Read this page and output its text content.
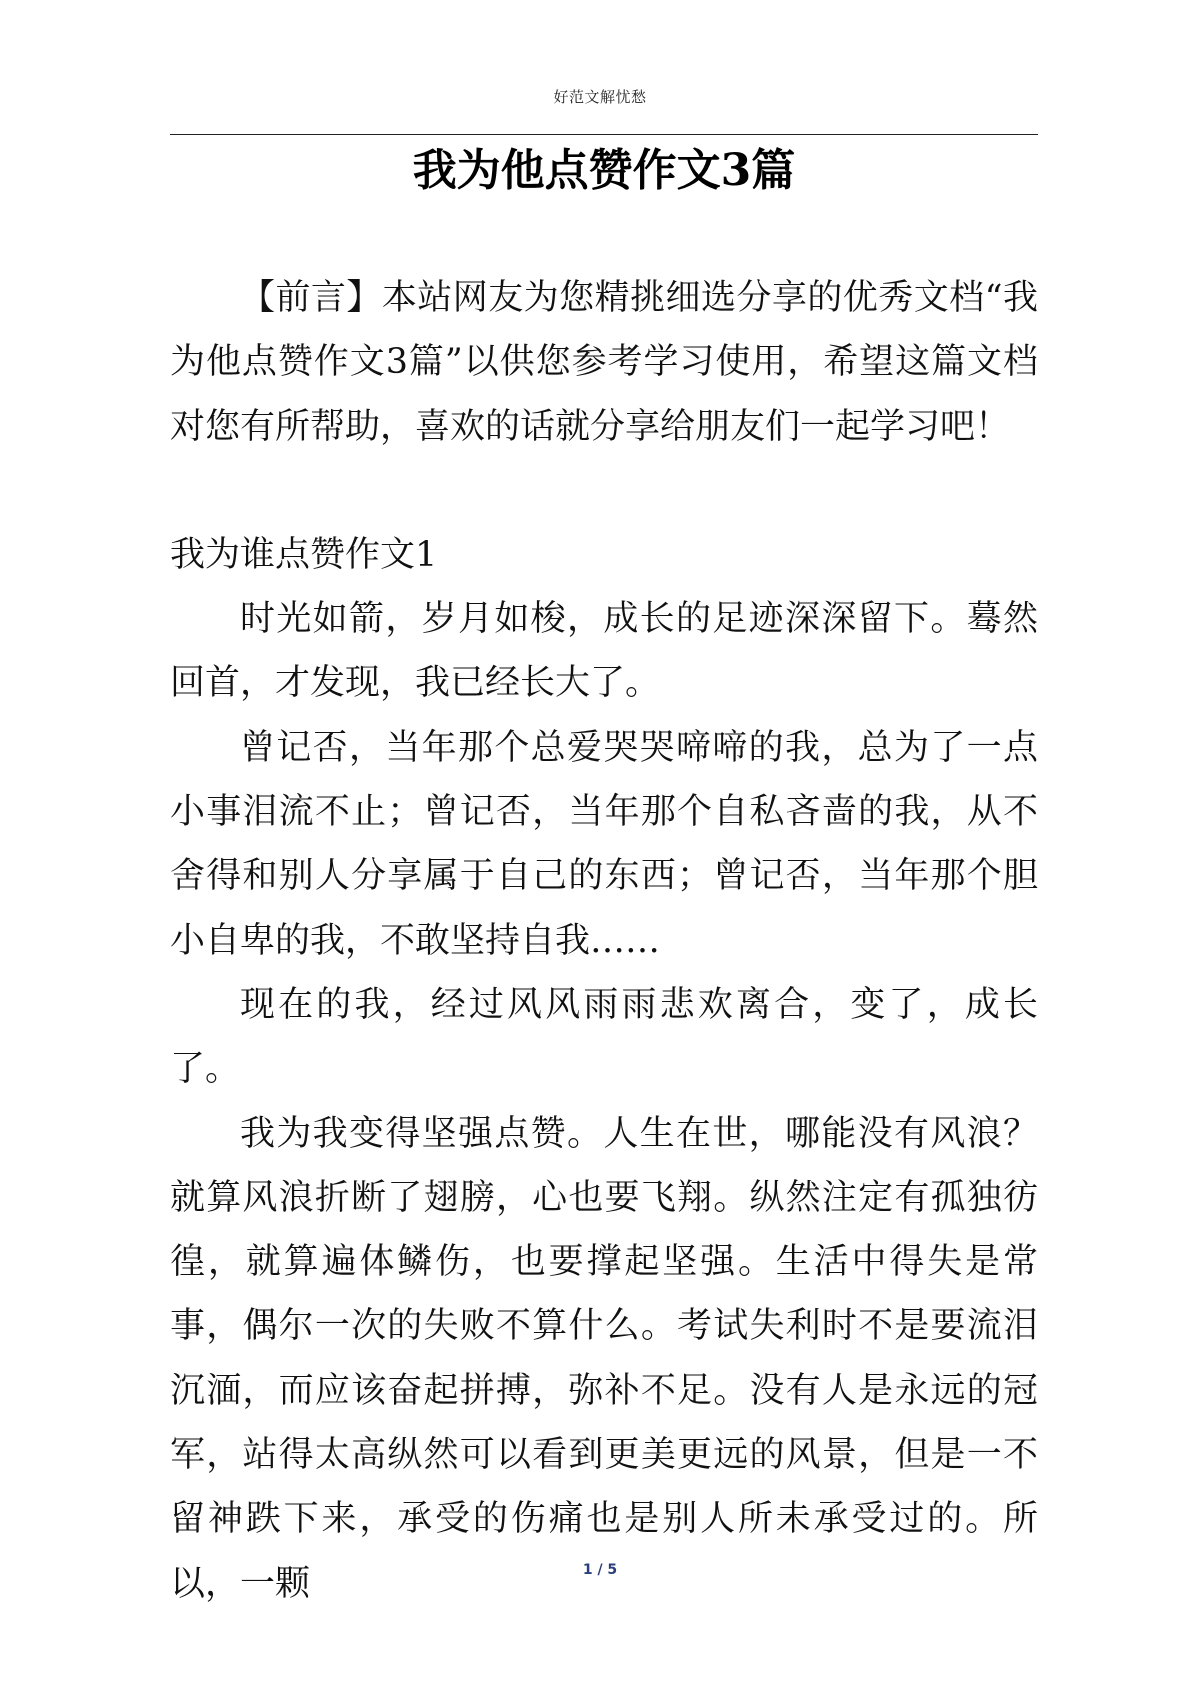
好范文解忧愁
我为他点赞作文3篇

【前言】本站网友为您精挑细选分享的优秀文档“我为他点赞作文3篇”以供您参考学习使用，希望这篇文档对您有所帮助，喜欢的话就分享给朋友们一起学习吧！

我为谁点赞作文1

时光如箭，岁月如梭，成长的足迹深深留下。蓦然回首，才发现，我已经长大了。

曾记否，当年那个总爱哭哭啼啼的我，总为了一点小事泪流不止；曾记否，当年那个自私吝啬的我，从不舍得和别人分享属于自己的东西；曾记否，当年那个胆小自卑的我，不敢坚持自我……

现在的我，经过风风雨雨悲欢离合，变了，成长了。

我为我变得坚强点赞。人生在世，哪能没有风浪？就算风浪折断了翅膀，心也要飞翔。纵然注定有孤独彷徨，就算遍体鳞伤，也要撑起坚强。生活中得失是常事，偶尔一次的失败不算什么。考试失利时不是要流泪沉湎，而应该奋起拼搏，弥补不足。没有人是永远的冠军，站得太高纵然可以看到更美更远的风景，但是一不留神跌下来，承受的伤痛也是别人所未承受过的。所以，一颗	1 / 5
